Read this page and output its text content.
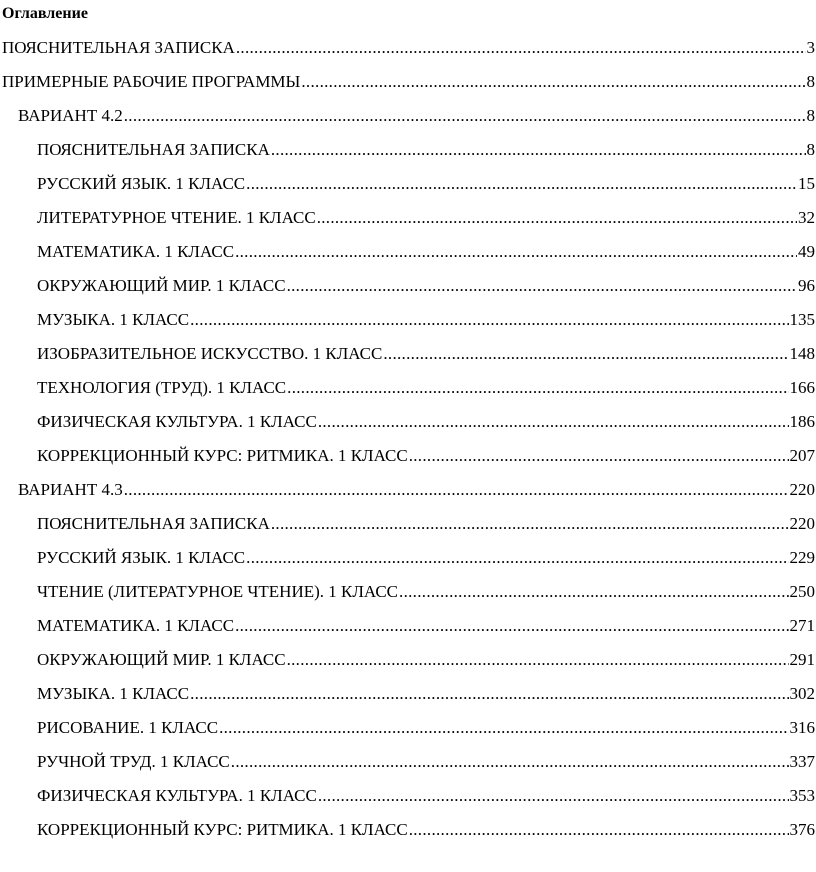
Оглавление
ПОЯСНИТЕЛЬНАЯ ЗАПИСКА .....	3
ПРИМЕРНЫЕ РАБОЧИЕ ПРОГРАММЫ .....	8
ВАРИАНТ 4.2 .....	8
ПОЯСНИТЕЛЬНАЯ ЗАПИСКА .....	8
РУССКИЙ ЯЗЫК. 1 КЛАСС .....	15
ЛИТЕРАТУРНОЕ ЧТЕНИЕ. 1 КЛАСС .....	32
МАТЕМАТИКА. 1 КЛАСС .....	49
ОКРУЖАЮЩИЙ МИР. 1 КЛАСС .....	96
МУЗЫКА. 1 КЛАСС .....	135
ИЗОБРАЗИТЕЛЬНОЕ ИСКУССТВО. 1 КЛАСС .....	148
ТЕХНОЛОГИЯ (ТРУД). 1 КЛАСС .....	166
ФИЗИЧЕСКАЯ КУЛЬТУРА. 1 КЛАСС .....	186
КОРРЕКЦИОННЫЙ КУРС: РИТМИКА. 1 КЛАСС .....	207
ВАРИАНТ 4.3 .....	220
ПОЯСНИТЕЛЬНАЯ ЗАПИСКА .....	220
РУССКИЙ ЯЗЫК. 1 КЛАСС .....	229
ЧТЕНИЕ (ЛИТЕРАТУРНОЕ ЧТЕНИЕ). 1 КЛАСС .....	250
МАТЕМАТИКА. 1 КЛАСС .....	271
ОКРУЖАЮЩИЙ МИР. 1 КЛАСС .....	291
МУЗЫКА. 1 КЛАСС .....	302
РИСОВАНИЕ. 1 КЛАСС .....	316
РУЧНОЙ ТРУД. 1 КЛАСС .....	337
ФИЗИЧЕСКАЯ КУЛЬТУРА. 1 КЛАСС .....	353
КОРРЕКЦИОННЫЙ КУРС: РИТМИКА. 1 КЛАСС .....	376
